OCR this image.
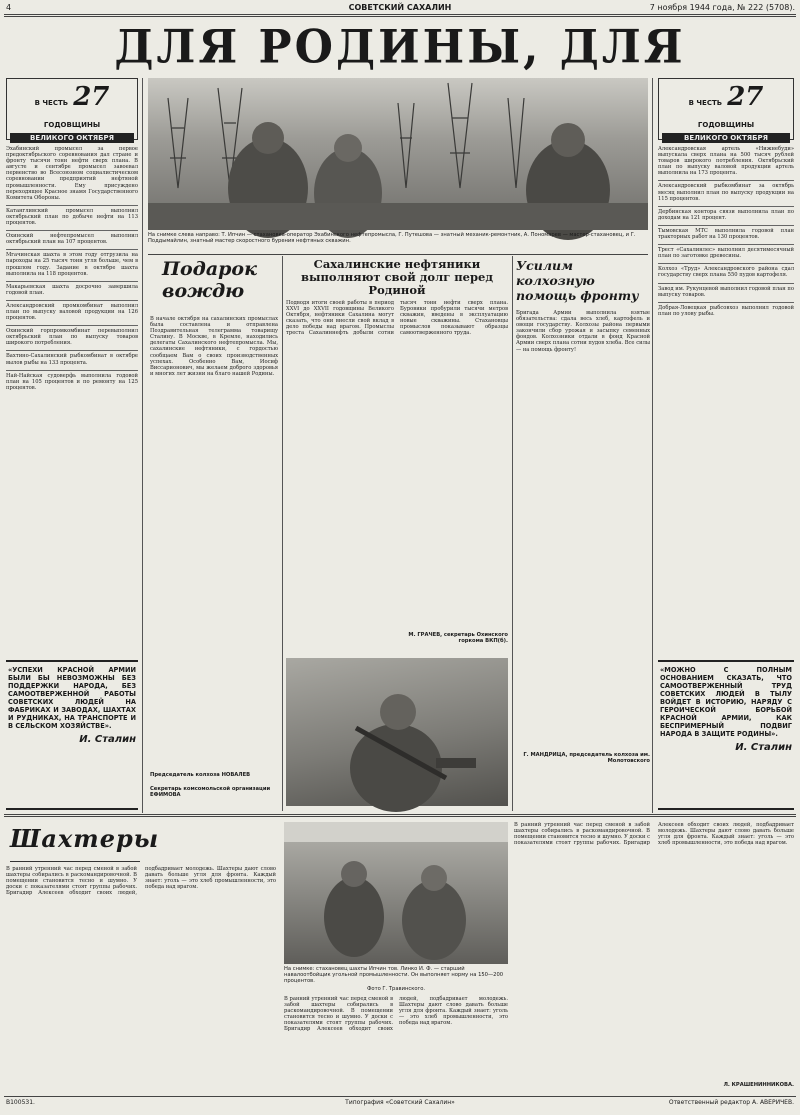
4	СОВЕТСКИЙ САХАЛИН	7 ноября 1944 года, № 222 (5708).
ДЛЯ РОДИНЫ, ДЛЯ
В ЧЕСТЬ 27 ГОДОВЩИНЫ
ВЕЛИКОГО ОКТЯБРЯ
В ЧЕСТЬ 27 ГОДОВЩИНЫ
ВЕЛИКОГО ОКТЯБРЯ

Эхабинский промысел за первое предоктябрьского соревнования дал стране и фронту тысячи тонн нефти сверх плана. В августе и сентябре промысел завоевал первенство во Всесоюзном социалистическом соревновании предприятий нефтяной промышленности. Ему присуждено переходящее Красное знамя Государственного Комитета Обороны.

Катангливский промысел выполнил октябрьский план по добыче нефти на 113 процентов.

Охинский нефтепромысел выполнил октябрьский план на 107 процентов.

Мгачинская шахта в этом году отгрузила на пароходы на 25 тысяч тонн угля больше, чем в прошлом году. Задание в октябре шахта выполнила на 118 процентов.

Макарьевская шахта досрочно завершила годовой план.

Александровский промкомбинат выполнил план по выпуску валовой продукции на 126 процентов.

Охинский горпромкомбинат перевыполнил октябрьский план по выпуску товаров широкого потребления.

Вахтино-Сахалинский рыбкомбинат в октябре вылов рыбы на 133 процента.

Най-Найская судоверфь выполнила годовой план на 105 процентов и по ремонту на 125 процентов.

«УСПЕХИ КРАСНОЙ АРМИИ БЫЛИ БЫ НЕВОЗМОЖНЫ БЕЗ ПОДДЕРЖКИ НАРОДА, БЕЗ САМООТВЕРЖЕННОЙ РАБОТЫ СОВЕТСКИХ ЛЮДЕЙ НА ФАБРИКАХ И ЗАВОДАХ, ШАХТАХ И РУДНИКАХ, НА ТРАНСПОРТЕ И В СЕЛЬСКОМ ХОЗЯЙСТВЕ».
И. Сталин
На снимке слева направо: Т. Ипчин — стахановка-оператор Эхабинского нефтепромысла, Г. Путешова — знатный механик-ремонтник, А. Пономарев — мастер-стахановец, и Г. Поддымайлин, знатный мастер скоростного бурения нефтяных скважин.
Подарок вождю
В начале октября на сахалинских промыслах была составлена и отправлена Поздравительная телеграмма товарищу Сталину. В Москве, в Кремле, находились делегаты Сахалинского нефтепромысла. Мы, сахалинские нефтяники, с гордостью сообщаем Вам о своих производственных успехах. Особенно Вам, Иосиф Виссарионович, мы желаем доброго здоровья и многих лет жизни на благо нашей Родины.
Председатель колхоза НОВАЛЕВ
Секретарь комсомольской организации ЕФИМОВА
Сахалинские нефтяники выполняют свой долг перед Родиной
Подводя итоги своей работы в период XXVI до XXVII годовщины Великого Октября, нефтяники Сахалина могут сказать, что они внесли свой вклад в дело победы над врагом. Промыслы треста Сахалиннефть добыли сотни тысяч тонн нефти сверх плана. Буровики пробурили тысячи метров скважин, введены в эксплуатацию новые скважины. Стахановцы промыслов показывают образцы самоотверженного труда.
М. ГРАЧЕВ, секретарь Охинского горкома ВКП(б).
Усилим колхозную помощь фронту
Бригада Армии выполнила взятые обязательства: сдала весь хлеб, картофель и овощи государству. Колхозы района первыми закончили сбор урожая и засыпку семенных фондов. Колхозники отдали в фонд Красной Армии сверх плана сотни пудов хлеба. Все силы — на помощь фронту!
Г. МАНДРИЦА, председатель колхоза им. Молотовского

Александровская артель «Нижнебуди» выпускала сверх плана на 500 тысяч рублей товаров широкого потребления. Октябрьский план по выпуску валовой продукции артель выполнила на 173 процента.

Александровский рыбкомбинат за октябрь месяц выполнил план по выпуску продукции на 115 процентов.

Дербинская контора связи выполнила план по доходам на 121 процент.

Тымовская МТС выполнила годовой план тракторных работ на 130 процентов.

Трест «Сахалинлес» выполнил десятимесячный план по заготовке древесины.

Колхоз «Труд» Александровского района сдал государству сверх плана 550 пудов картофеля.

Завод им. Рукунцевой выполнил годовой план по выпуску товаров.

Добрая-Ловецкая рыбсовхоз выполнил годовой план по улову рыбы.

«МОЖНО С ПОЛНЫМ ОСНОВАНИЕМ СКАЗАТЬ, ЧТО САМООТВЕРЖЕННЫЙ ТРУД СОВЕТСКИХ ЛЮДЕЙ В ТЫЛУ ВОЙДЕТ В ИСТОРИЮ, НАРЯДУ С ГЕРОИЧЕСКОЙ БОРЬБОЙ КРАСНОЙ АРМИИ, КАК БЕСПРИМЕРНЫЙ ПОДВИГ НАРОДА В ЗАЩИТЕ РОДИНЫ».
И. Сталин
Шахтеры
В ранний утренний час перед сменой в забой шахтеры собирались в раскомандировочной. В помещении становится тесно и шумно. У доски с показателями стоят группы рабочих. Бригадир Алексеев обходит своих людей, подбадривает молодежь. Шахтеры дают слово давать больше угля для фронта. Каждый знает: уголь — это хлеб промышленности, это победа над врагом.
На снимке: стахановец шахты Ипчин тов. Линко И. Ф. — старший навалоотбойщик угольной промышленности. Он выполняет норму на 150—200 процентов.
Фото Г. Травинского.
В ранний утренний час перед сменой в забой шахтеры собирались в раскомандировочной. В помещении становится тесно и шумно. У доски с показателями стоят группы рабочих. Бригадир Алексеев обходит своих людей, подбадривает молодежь. Шахтеры дают слово давать больше угля для фронта. Каждый знает: уголь — это хлеб промышленности, это победа над врагом.
В ранний утренний час перед сменой в забой шахтеры собирались в раскомандировочной. В помещении становится тесно и шумно. У доски с показателями стоят группы рабочих. Бригадир Алексеев обходит своих людей, подбадривает молодежь. Шахтеры дают слово давать больше угля для фронта. Каждый знает: уголь — это хлеб промышленности, это победа над врагом.
Л. КРАШЕНИННИКОВА.
В100531.	Типография «Советский Сахалин»	Ответственный редактор А. АВЕРИЧЕВ.
